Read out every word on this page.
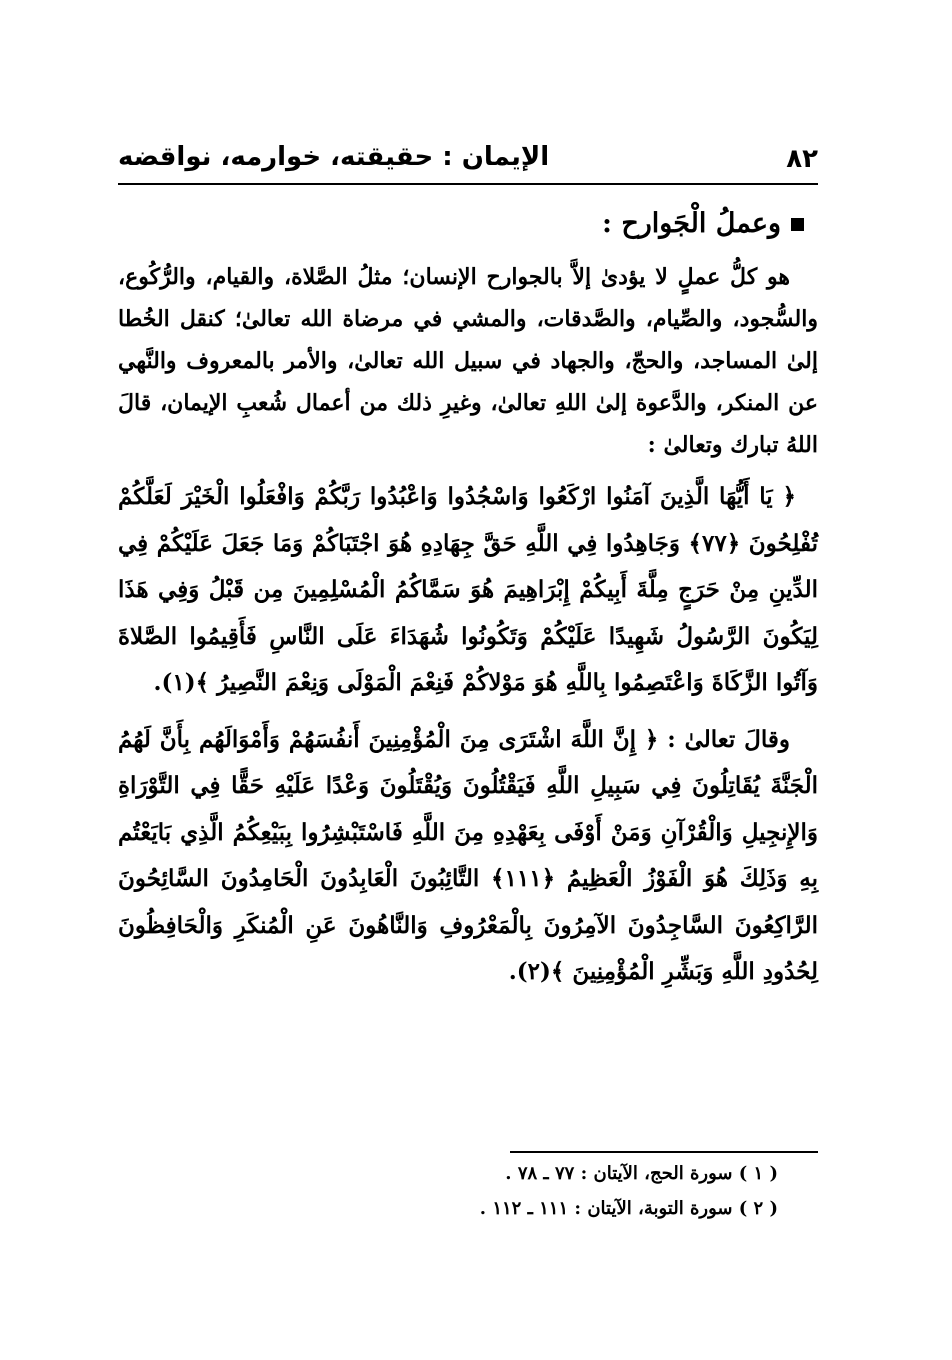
٨٢
الإيمان : حقيقته، خوارمه، نواقضه
وعملُ الْجَوارح :

هو كلُّ عملٍ لا يؤدىٰ إلاَّ بالجوارح الإنسان؛ مثلُ الصَّلاة، والقيام، والرُّكُوع، والسُّجود، والصِّيام، والصَّدقات، والمشي في مرضاة الله تعالىٰ؛ كنقل الخُطا إلىٰ المساجد، والحجّ، والجهاد في سبيل الله تعالىٰ، والأمر بالمعروف والنَّهي عن المنكر، والدَّعوة إلىٰ اللهِ تعالىٰ، وغيرِ ذلك من أعمال شُعبِ الإيمان، قالَ اللهُ تبارك وتعالىٰ :

﴿ يَا أَيُّهَا الَّذِينَ آمَنُوا ارْكَعُوا وَاسْجُدُوا وَاعْبُدُوا رَبَّكُمْ وَافْعَلُوا الْخَيْرَ لَعَلَّكُمْ تُفْلِحُونَ ﴿٧٧﴾ وَجَاهِدُوا فِي اللَّهِ حَقَّ جِهَادِهِ هُوَ اجْتَبَاكُمْ وَمَا جَعَلَ عَلَيْكُمْ فِي الدِّينِ مِنْ حَرَجٍ مِلَّةَ أَبِيكُمْ إِبْرَاهِيمَ هُوَ سَمَّاكُمُ الْمُسْلِمِينَ مِن قَبْلُ وَفِي هَذَا لِيَكُونَ الرَّسُولُ شَهِيدًا عَلَيْكُمْ وَتَكُونُوا شُهَدَاءَ عَلَى النَّاسِ فَأَقِيمُوا الصَّلاةَ وَآتُوا الزَّكَاةَ وَاعْتَصِمُوا بِاللَّهِ هُوَ مَوْلاكُمْ فَنِعْمَ الْمَوْلَى وَنِعْمَ النَّصِيرُ ﴾(١).

وقالَ تعالىٰ : ﴿ إِنَّ اللَّهَ اشْتَرَى مِنَ الْمُؤْمِنِينَ أَنفُسَهُمْ وَأَمْوَالَهُم بِأَنَّ لَهُمُ الْجَنَّةَ يُقَاتِلُونَ فِي سَبِيلِ اللَّهِ فَيَقْتُلُونَ وَيُقْتَلُونَ وَعْدًا عَلَيْهِ حَقًّا فِي التَّوْرَاةِ وَالإِنجِيلِ وَالْقُرْآنِ وَمَنْ أَوْفَى بِعَهْدِهِ مِنَ اللَّهِ فَاسْتَبْشِرُوا بِبَيْعِكُمُ الَّذِي بَايَعْتُم بِهِ وَذَلِكَ هُوَ الْفَوْزُ الْعَظِيمُ ﴿١١١﴾ التَّائِبُونَ الْعَابِدُونَ الْحَامِدُونَ السَّائِحُونَ الرَّاكِعُونَ السَّاجِدُونَ الآمِرُونَ بِالْمَعْرُوفِ وَالنَّاهُونَ عَنِ الْمُنكَرِ وَالْحَافِظُونَ لِحُدُودِ اللَّهِ وَبَشِّرِ الْمُؤْمِنِينَ ﴾(٢).

( ١ ) سورة الحج، الآيتان : ٧٧ ـ ٧٨ .

( ٢ ) سورة التوبة، الآيتان : ١١١ ـ ١١٢ .
